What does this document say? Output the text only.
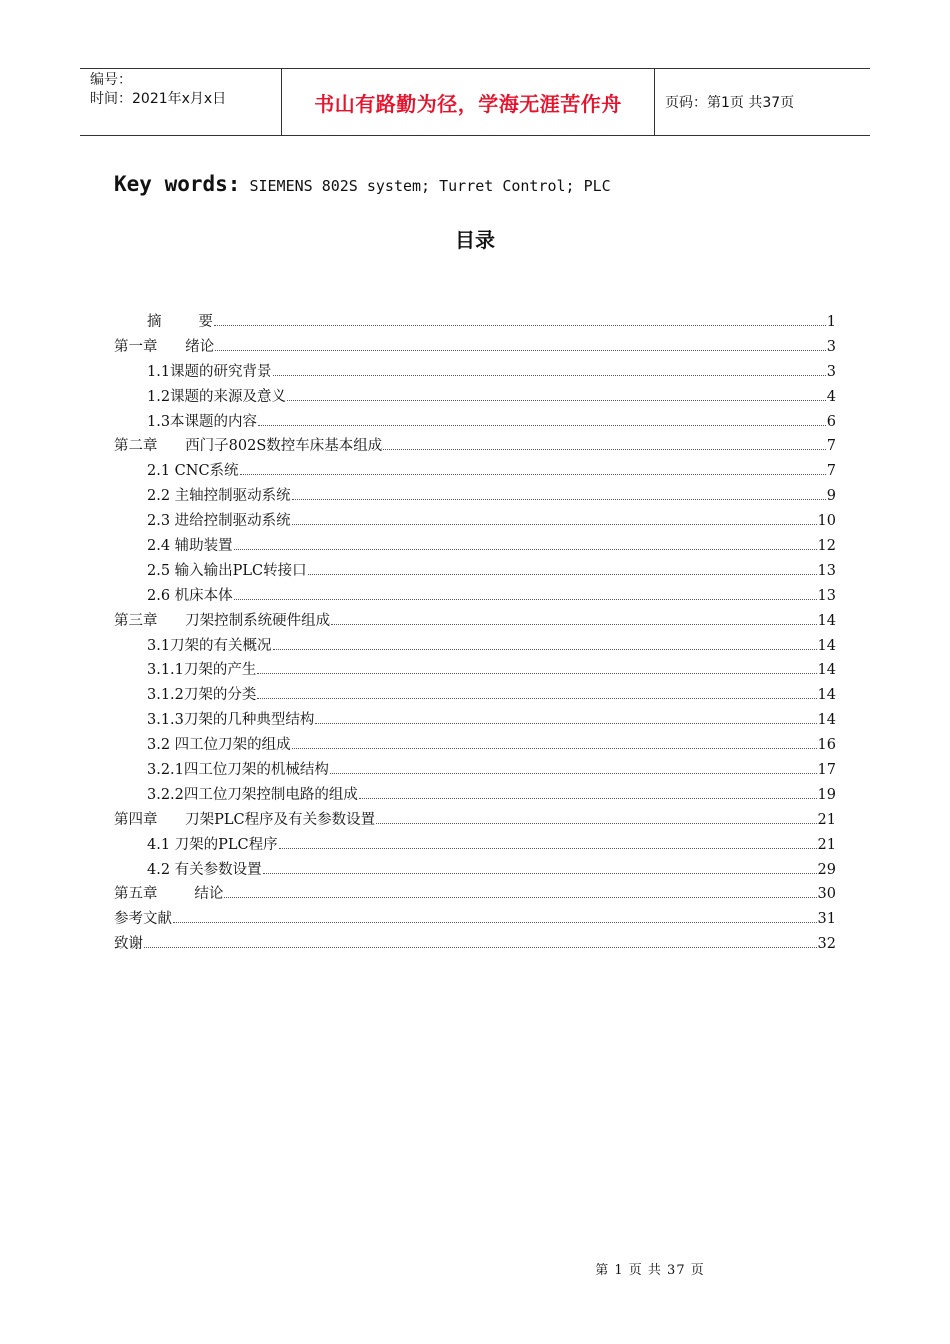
编号：
时间：2021年x月x日	书山有路勤为径，学海无涯苦作舟	页码：第1页 共37页
Key words: SIEMENS 802S system; Turret Control; PLC
目录
摘        要	1
第一章      绪论	3
1.1课题的研究背景	3
1.2课题的来源及意义	4
1.3本课题的内容	6
第二章      西门子802S数控车床基本组成	7
2.1 CNC系统	7
2.2 主轴控制驱动系统	9
2.3 进给控制驱动系统	10
2.4 辅助装置	12
2.5 输入输出PLC转接口	13
2.6 机床本体	13
第三章      刀架控制系统硬件组成	14
3.1刀架的有关概况	14
3.1.1刀架的产生	14
3.1.2刀架的分类	14
3.1.3刀架的几种典型结构	14
3.2 四工位刀架的组成	16
3.2.1四工位刀架的机械结构	17
3.2.2四工位刀架控制电路的组成	19
第四章      刀架PLC程序及有关参数设置	21
4.1 刀架的PLC程序	21
4.2 有关参数设置	29
第五章        结论	30
参考文献	31
致谢	32
第 1 页 共 37 页
